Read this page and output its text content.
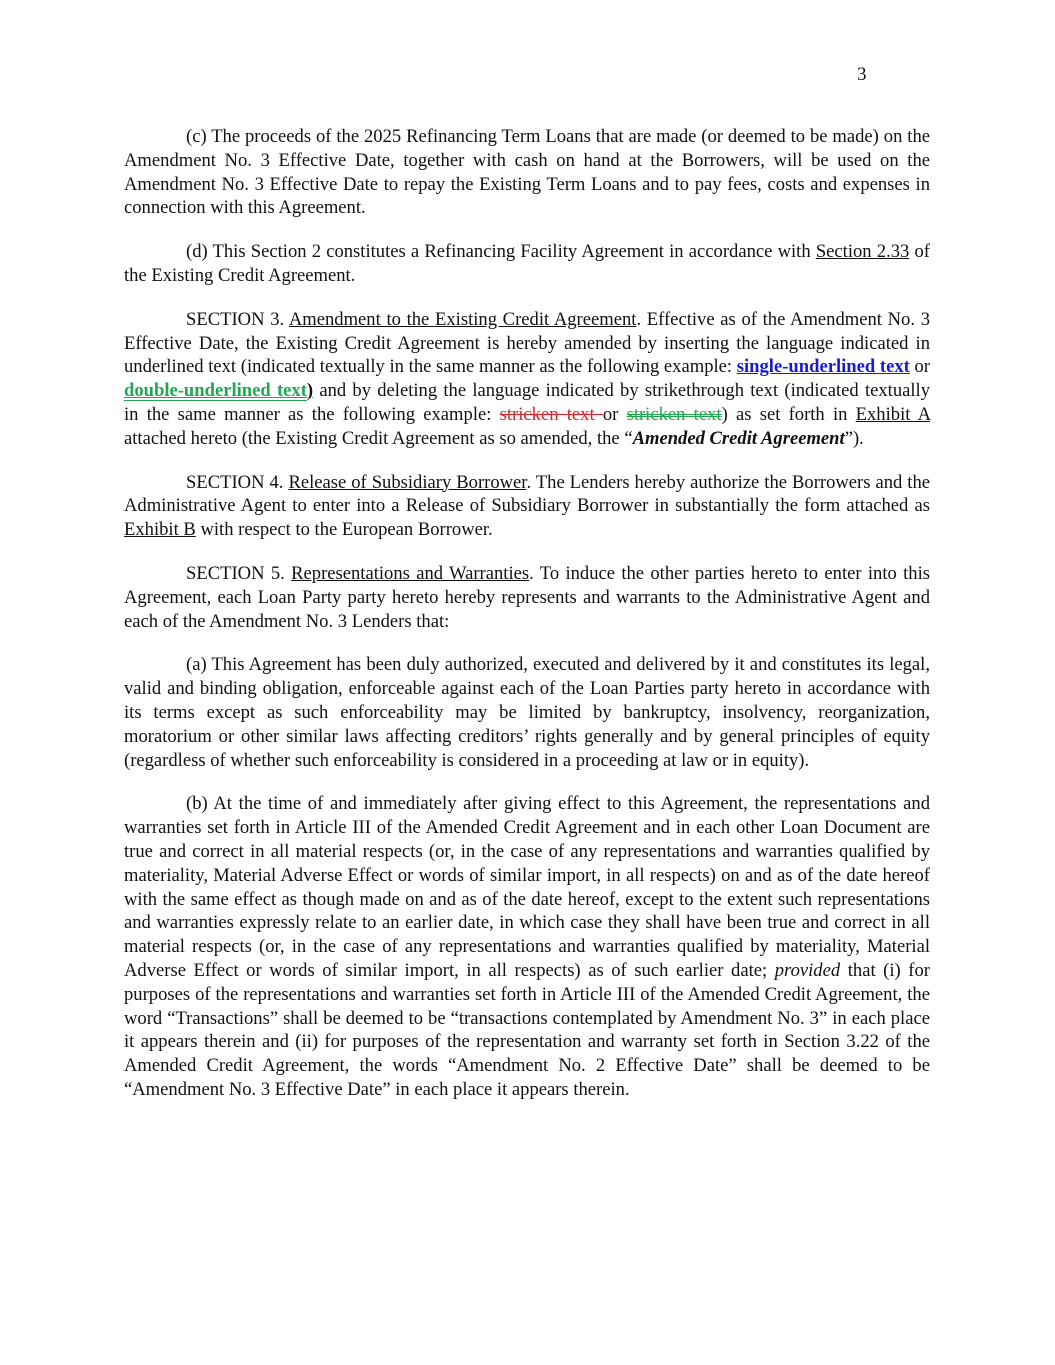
3

(c) The proceeds of the 2025 Refinancing Term Loans that are made (or deemed to be made) on the Amendment No. 3 Effective Date, together with cash on hand at the Borrowers, will be used on the Amendment No. 3 Effective Date to repay the Existing Term Loans and to pay fees, costs and expenses in connection with this Agreement.

(d) This Section 2 constitutes a Refinancing Facility Agreement in accordance with Section 2.33 of the Existing Credit Agreement.

SECTION 3. Amendment to the Existing Credit Agreement. Effective as of the Amendment No. 3 Effective Date, the Existing Credit Agreement is hereby amended by inserting the language indicated in underlined text (indicated textually in the same manner as the following example: single-underlined text or double-underlined text) and by deleting the language indicated by strikethrough text (indicated textually in the same manner as the following example: stricken text or stricken text) as set forth in Exhibit A attached hereto (the Existing Credit Agreement as so amended, the “Amended Credit Agreement”).

SECTION 4. Release of Subsidiary Borrower. The Lenders hereby authorize the Borrowers and the Administrative Agent to enter into a Release of Subsidiary Borrower in substantially the form attached as Exhibit B with respect to the European Borrower.

SECTION 5. Representations and Warranties. To induce the other parties hereto to enter into this Agreement, each Loan Party party hereto hereby represents and warrants to the Administrative Agent and each of the Amendment No. 3 Lenders that:

(a) This Agreement has been duly authorized, executed and delivered by it and constitutes its legal, valid and binding obligation, enforceable against each of the Loan Parties party hereto in accordance with its terms except as such enforceability may be limited by bankruptcy, insolvency, reorganization, moratorium or other similar laws affecting creditors’ rights generally and by general principles of equity (regardless of whether such enforceability is considered in a proceeding at law or in equity).

(b) At the time of and immediately after giving effect to this Agreement, the representations and warranties set forth in Article III of the Amended Credit Agreement and in each other Loan Document are true and correct in all material respects (or, in the case of any representations and warranties qualified by materiality, Material Adverse Effect or words of similar import, in all respects) on and as of the date hereof with the same effect as though made on and as of the date hereof, except to the extent such representations and warranties expressly relate to an earlier date, in which case they shall have been true and correct in all material respects (or, in the case of any representations and warranties qualified by materiality, Material Adverse Effect or words of similar import, in all respects) as of such earlier date; provided that (i) for purposes of the representations and warranties set forth in Article III of the Amended Credit Agreement, the word “Transactions” shall be deemed to be “transactions contemplated by Amendment No. 3” in each place it appears therein and (ii) for purposes of the representation and warranty set forth in Section 3.22 of the Amended Credit Agreement, the words “Amendment No. 2 Effective Date” shall be deemed to be “Amendment No. 3 Effective Date” in each place it appears therein.
